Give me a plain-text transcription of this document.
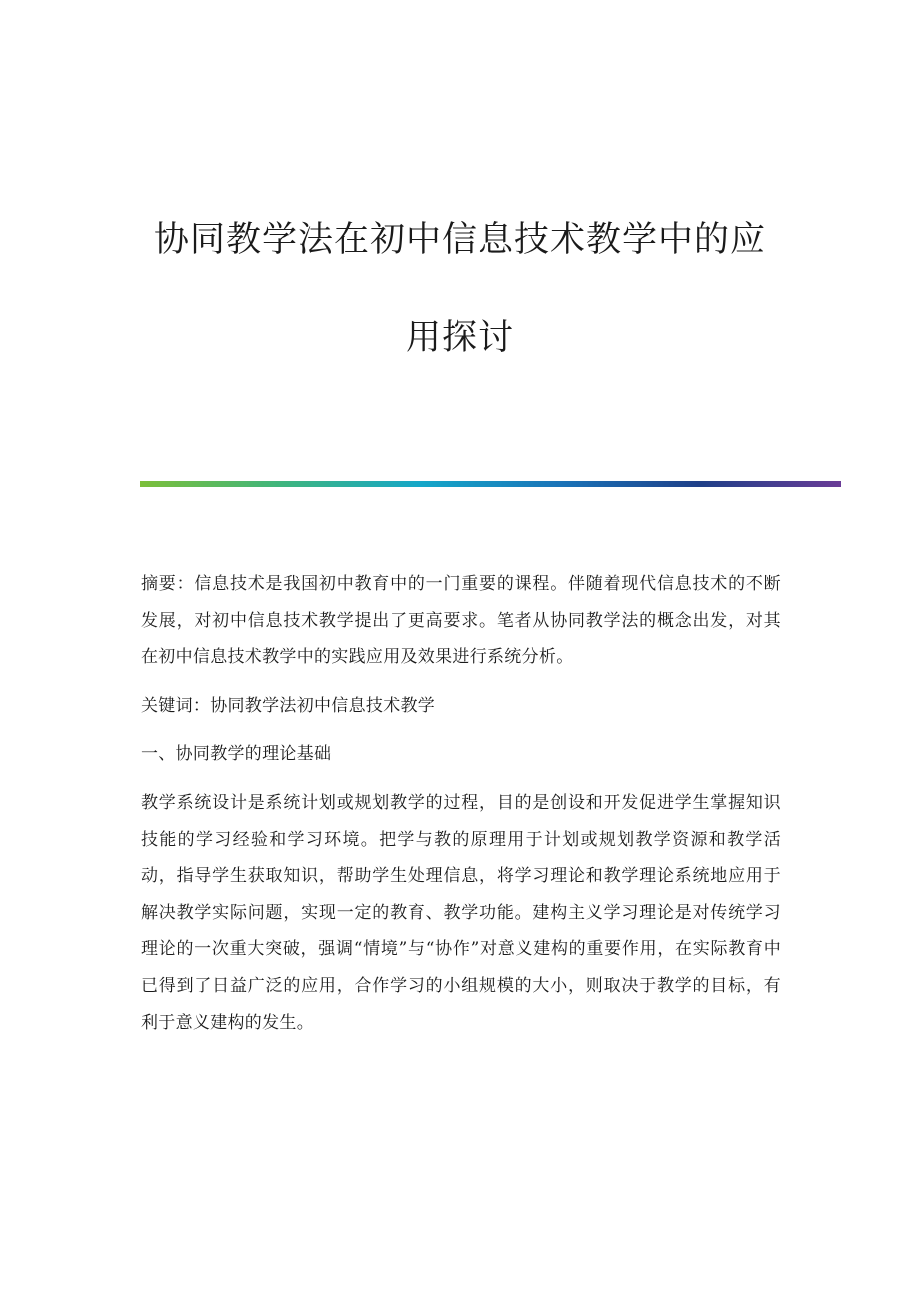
协同教学法在初中信息技术教学中的应
用探讨

摘要：信息技术是我国初中教育中的一门重要的课程。伴随着现代信息技术的不断发展，对初中信息技术教学提出了更高要求。笔者从协同教学法的概念出发，对其在初中信息技术教学中的实践应用及效果进行系统分析。

关键词：协同教学法初中信息技术教学

一、协同教学的理论基础

教学系统设计是系统计划或规划教学的过程，目的是创设和开发促进学生掌握知识技能的学习经验和学习环境。把学与教的原理用于计划或规划教学资源和教学活动，指导学生获取知识，帮助学生处理信息，将学习理论和教学理论系统地应用于解决教学实际问题，实现一定的教育、教学功能。建构主义学习理论是对传统学习理论的一次重大突破，强调“情境”与“协作”对意义建构的重要作用，在实际教育中已得到了日益广泛的应用，合作学习的小组规模的大小，则取决于教学的目标，有利于意义建构的发生。
